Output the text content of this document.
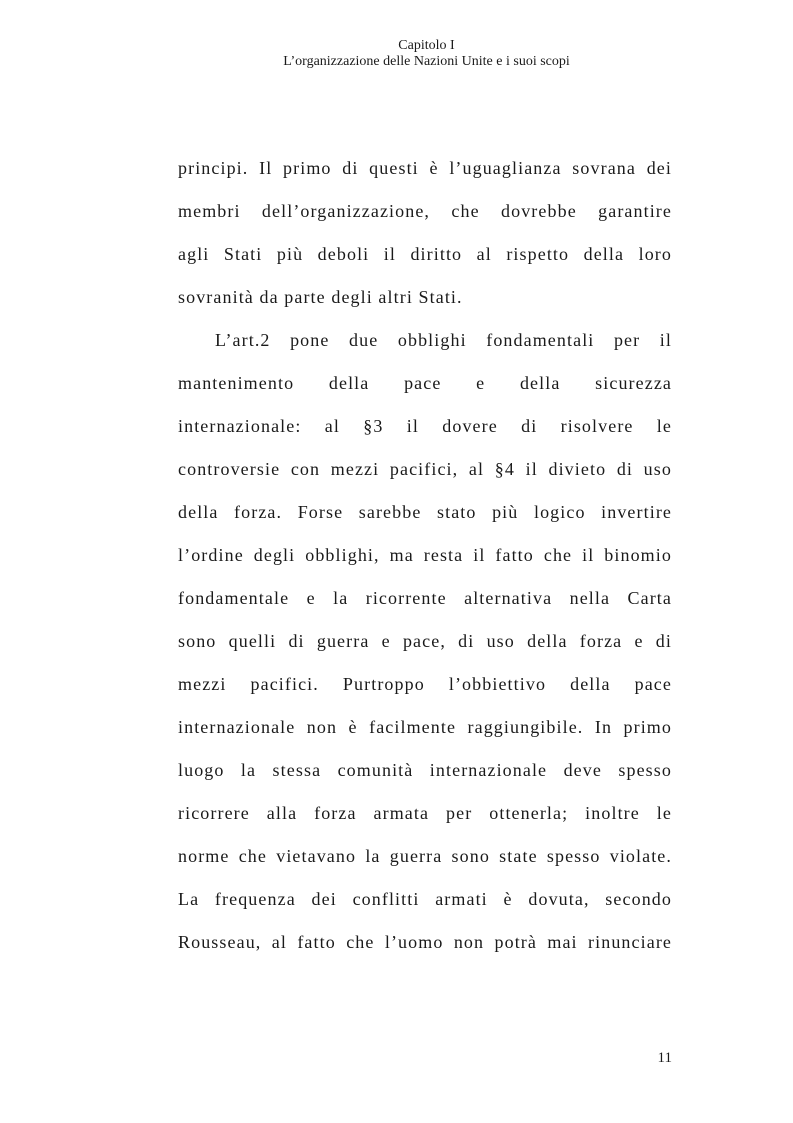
Capitolo I
L’organizzazione delle Nazioni Unite e i suoi scopi
principi. Il primo di questi è l’uguaglianza sovrana dei
membri dell’organizzazione, che dovrebbe garantire
agli Stati più deboli il diritto al rispetto della loro
sovranità da parte degli altri Stati.
L’art.2 pone due obblighi fondamentali per il
mantenimento della pace e della sicurezza
internazionale: al §3 il dovere di risolvere le
controversie con mezzi pacifici, al §4 il divieto di uso
della forza. Forse sarebbe stato più logico invertire
l’ordine degli obblighi, ma resta il fatto che il binomio
fondamentale e la ricorrente alternativa nella Carta
sono quelli di guerra e pace, di uso della forza e di
mezzi pacifici. Purtroppo l’obbiettivo della pace
internazionale non è facilmente raggiungibile. In primo
luogo la stessa comunità internazionale deve spesso
ricorrere alla forza armata per ottenerla; inoltre le
norme che vietavano la guerra sono state spesso violate.
La frequenza dei conflitti armati è dovuta, secondo
Rousseau, al fatto che l’uomo non potrà mai rinunciare
11
